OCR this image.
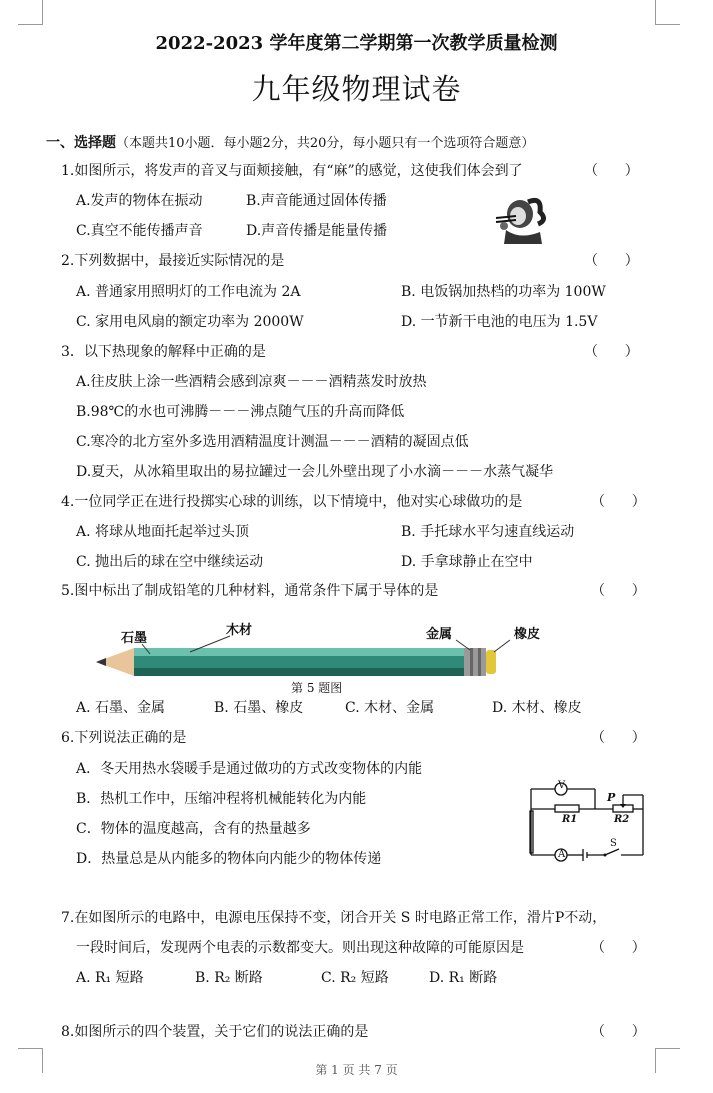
2022-2023 学年度第二学期第一次教学质量检测
九年级物理试卷
一、选择题（本题共10小题．每小题2分，共20分，每小题只有一个选项符合题意）
1.如图所示，将发声的音叉与面颊接触，有“麻”的感觉，这使我们体会到了	（      ）
A.发声的物体在振动	B.声音能通过固体传播
C.真空不能传播声音	D.声音传播是能量传播
2.下列数据中，最接近实际情况的是	（      ）
A. 普通家用照明灯的工作电流为 2A	B. 电饭锅加热档的功率为 100W
C. 家用电风扇的额定功率为 2000W	D. 一节新干电池的电压为 1.5V
3．以下热现象的解释中正确的是	（      ）
A.往皮肤上涂一些酒精会感到凉爽－－－酒精蒸发时放热
B.98℃的水也可沸腾－－－沸点随气压的升高而降低
C.寒冷的北方室外多选用酒精温度计测温－－－酒精的凝固点低
D.夏天，从冰箱里取出的易拉罐过一会儿外壁出现了小水滴－－－水蒸气凝华
4.一位同学正在进行投掷实心球的训练，以下情境中，他对实心球做功的是	（      ）
A. 将球从地面托起举过头顶	B. 手托球水平匀速直线运动
C. 抛出后的球在空中继续运动	D. 手拿球静止在空中
5.图中标出了制成铅笔的几种材料，通常条件下属于导体的是	（      ）
石墨
木材	金属	橡皮
第 5 题图
A. 石墨、金属	B. 石墨、橡皮	C. 木材、金属	D. 木材、橡皮
6.下列说法正确的是	（      ）
A．冬天用热水袋暖手是通过做功的方式改变物体的内能
B．热机工作中，压缩冲程将机械能转化为内能
C．物体的温度越高，含有的热量越多
D．热量总是从内能多的物体向内能少的物体传递
V
P
R1	R2
A
S
7.在如图所示的电路中，电源电压保持不变，闭合开关 S 时电路正常工作，滑片P不动，
一段时间后，发现两个电表的示数都变大。则出现这种故障的可能原因是	（      ）
A. R₁ 短路	B. R₂ 断路	C. R₂ 短路	D. R₁ 断路
8.如图所示的四个装置，关于它们的说法正确的是	（      ）
第 1 页 共 7 页
